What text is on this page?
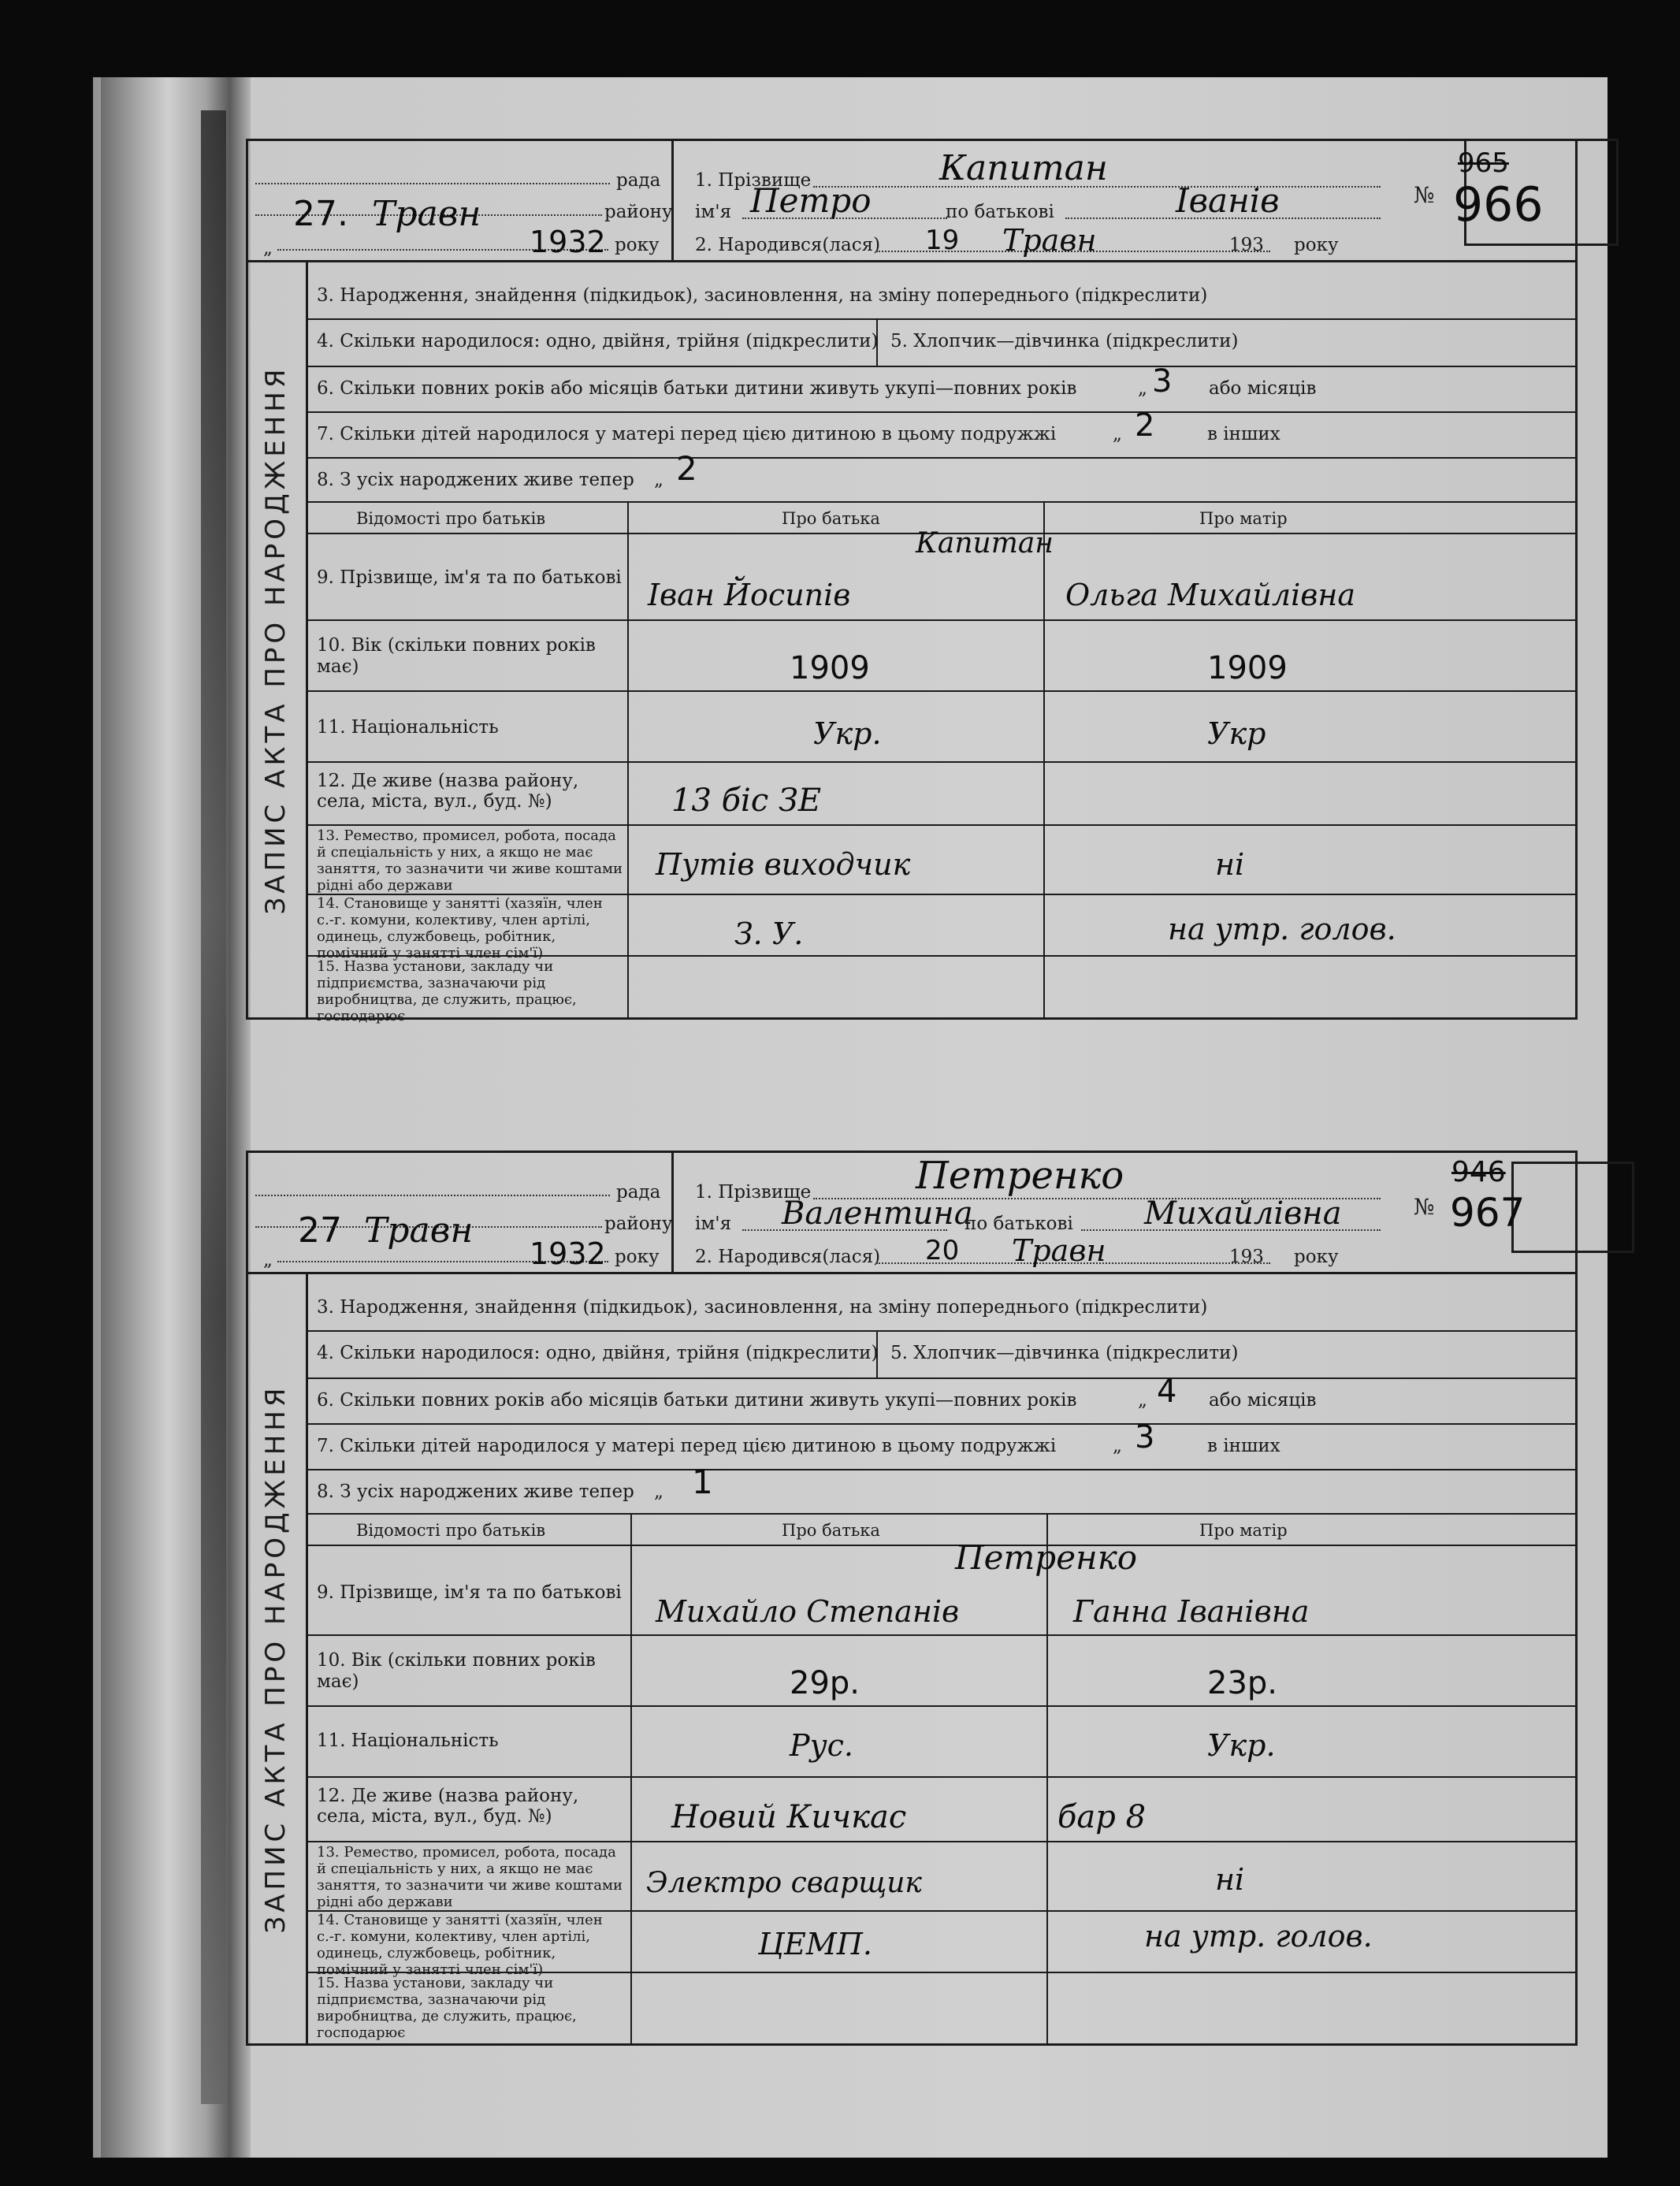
ЗАПИС АКТА ПРО НАРОДЖЕННЯ
рада
району
27. Травн
„	1932 року
1. Прізвище	Капитан
ім'я Петро	по батькові	Іванів
2. Народився(лася) 19 Травн	193 року
№
965
966
3. Народження, знайдення (підкидьок), засиновлення, на зміну попереднього (підкреслити)
4. Скільки народилося: одно, двійня, трійня (підкреслити) 5. Хлопчик—дівчинка (підкреслити)
6. Скільки повних років або місяців батьки дитини живуть укупі—повних років	„ 3 або місяців
7. Скільки дітей народилося у матері перед цією дитиною в цьому подружжі	„ 2	в інших
8. З усіх народжених живе тепер „ 2
Відомості про батьків	Про батька	Про матір
9. Прізвище, ім'я та по батькові
Капитан
Іван Йосипів	Ольга Михайлівна
10. Вік (скільки повних років має)	1909	1909
11. Національність	Укр.	Укр
12. Де живе (назва району, села, міста, вул., буд. №)	13 біс ЗЕ
13. Ремество, промисел, робота, посада й спеціальність у них, а якщо не має заняття, то зазначити чи живе коштами рідні або держави
Путів виходчик	ні
14. Становище у занятті (хазяїн, член с.-г. комуни, колективу, член артілі, одинець, службовець, робітник, помічний у занятті член сім'ї)
З. У.	на утр. голов.
15. Назва установи, закладу чи підприємства, зазначаючи рід виробництва, де служить, працює, господарює
ЗАПИС АКТА ПРО НАРОДЖЕННЯ
рада
району
27 Травн
„	1932 року
1. Прізвище	Петренко
ім'я Валентина
по батькові Михайлівна
2. Народився(лася) 20 Травн	193 року
№
946
967
3. Народження, знайдення (підкидьок), засиновлення, на зміну попереднього (підкреслити)
4. Скільки народилося: одно, двійня, трійня (підкреслити) 5. Хлопчик—дівчинка (підкреслити)
6. Скільки повних років або місяців батьки дитини живуть укупі—повних років	„ 4 або місяців
7. Скільки дітей народилося у матері перед цією дитиною в цьому подружжі	„ 3	в інших
8. З усіх народжених живе тепер „ 1
Відомості про батьків	Про батька	Про матір
9. Прізвище, ім'я та по батькові
Петренко
Михайло Степанів	Ганна Іванівна
10. Вік (скільки повних років має)	29р.	23р.
11. Національність	Рус.	Укр.
12. Де живе (назва району, села, міста, вул., буд. №)	Новий Кичкас	бар 8
13. Ремество, промисел, робота, посада й спеціальність у них, а якщо не має заняття, то зазначити чи живе коштами рідні або держави
Электро сварщик	ні
14. Становище у занятті (хазяїн, член с.-г. комуни, колективу, член артілі, одинець, службовець, робітник, помічний у занятті член сім'ї)
ЦЕМП.	на утр. голов.
15. Назва установи, закладу чи підприємства, зазначаючи рід виробництва, де служить, працює, господарює
